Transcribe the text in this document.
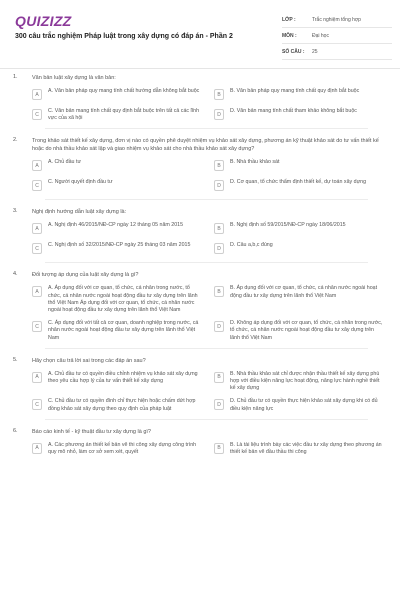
QUIZIZZ
300 câu trắc nghiệm Pháp luật trong xây dựng có đáp án - Phần 2
LỚP :	Trắc nghiệm tổng hợp
MÔN :	Đại học
SỐ CÂU :	25
1.	Văn bản luật xây dựng là văn bản:
A
A. Văn bản pháp quy mang tính chất hướng dẫn không bắt buộc
B
B. Văn bản pháp quy mang tính chất quy định bắt buộc
C
C. Văn bản mang tính chất quy định bắt buộc trên tất cả các lĩnh vực của xã hội
D
D. Văn bản mang tính chất tham khảo không bắt buộc
2.	Trong khảo sát thiết kế xây dựng, đơn vị nào có quyền phê duyệt nhiệm vụ khảo sát xây dựng, phương án kỹ thuật khảo sát do tư vấn thiết kế hoặc do nhà thầu khảo sát lập và giao nhiệm vụ khảo sát cho nhà thầu khảo sát xây dựng?
A
A. Chủ đầu tư
B
B. Nhà thầu khảo sát
C
C. Người quyết định đầu tư
D
D. Cơ quan, tổ chức thẩm định thiết kế, dự toán xây dựng
3.	Nghị định hướng dẫn luật xây dựng là:
A
A. Nghị định 46/2015/NĐ-CP ngày 12 tháng 05 năm 2015
B
B. Nghị định số 59/2015/NĐ-CP ngày 18/06/2015
C
C. Nghị định số 32/2015/NĐ-CP ngày 25 tháng 03 năm 2015
D
D. Câu a,b,c đúng
4.	Đối tượng áp dụng của luật xây dựng là gì?
A
A. Áp dụng đối với cơ quan, tổ chức, cá nhân trong nước, tổ chức, cá nhân nước ngoài hoạt động đầu tư xây dựng trên lãnh thổ Việt Nam Áp dụng đối với cơ quan, tổ chức, cá nhân nước ngoài hoạt động đầu tư xây dựng trên lãnh thổ Việt Nam
B
B. Áp dụng đối với cơ quan, tổ chức, cá nhân nước ngoài hoạt động đầu tư xây dựng trên lãnh thổ Việt Nam
C
C. Áp dụng đối với tất cả cơ quan, doanh nghiệp trong nước, cá nhân nước ngoài hoạt động đầu tư xây dựng trên lãnh thổ Việt Nam
D
D. Không áp dụng đối với cơ quan, tổ chức, cá nhân trong nước, tổ chức, cá nhân nước ngoài hoạt động đầu tư xây dựng trên lãnh thổ Việt Nam
5.	Hãy chọn câu trả lời sai trong các đáp án sau?
A
A. Chủ đầu tư có quyền điều chỉnh nhiệm vụ khảo sát xây dựng theo yêu cầu hợp lý của tư vấn thiết kế xây dựng
B
B. Nhà thầu khảo sát chỉ được nhận thầu thiết kế xây dựng phù hợp với điều kiện năng lực hoạt động, năng lực hành nghề thiết kế xây dựng
C
C. Chủ đầu tư có quyền đình chỉ thực hiện hoặc chấm dứt hợp đồng khảo sát xây dựng theo quy định của pháp luật
D
D. Chủ đầu tư có quyền thực hiện khảo sát xây dựng khi có đủ điều kiện năng lực
6.	Báo cáo kinh tế - kỹ thuật đầu tư xây dựng là gì?
A
A. Các phương án thiết kế bản vẽ thi công xây dựng công trình quy mô nhỏ, làm cơ sở xem xét, quyết
B
B. Là tài liệu trình bày các việc đầu tư xây dựng theo phương án thiết kế bản vẽ đầu thầu thi công
